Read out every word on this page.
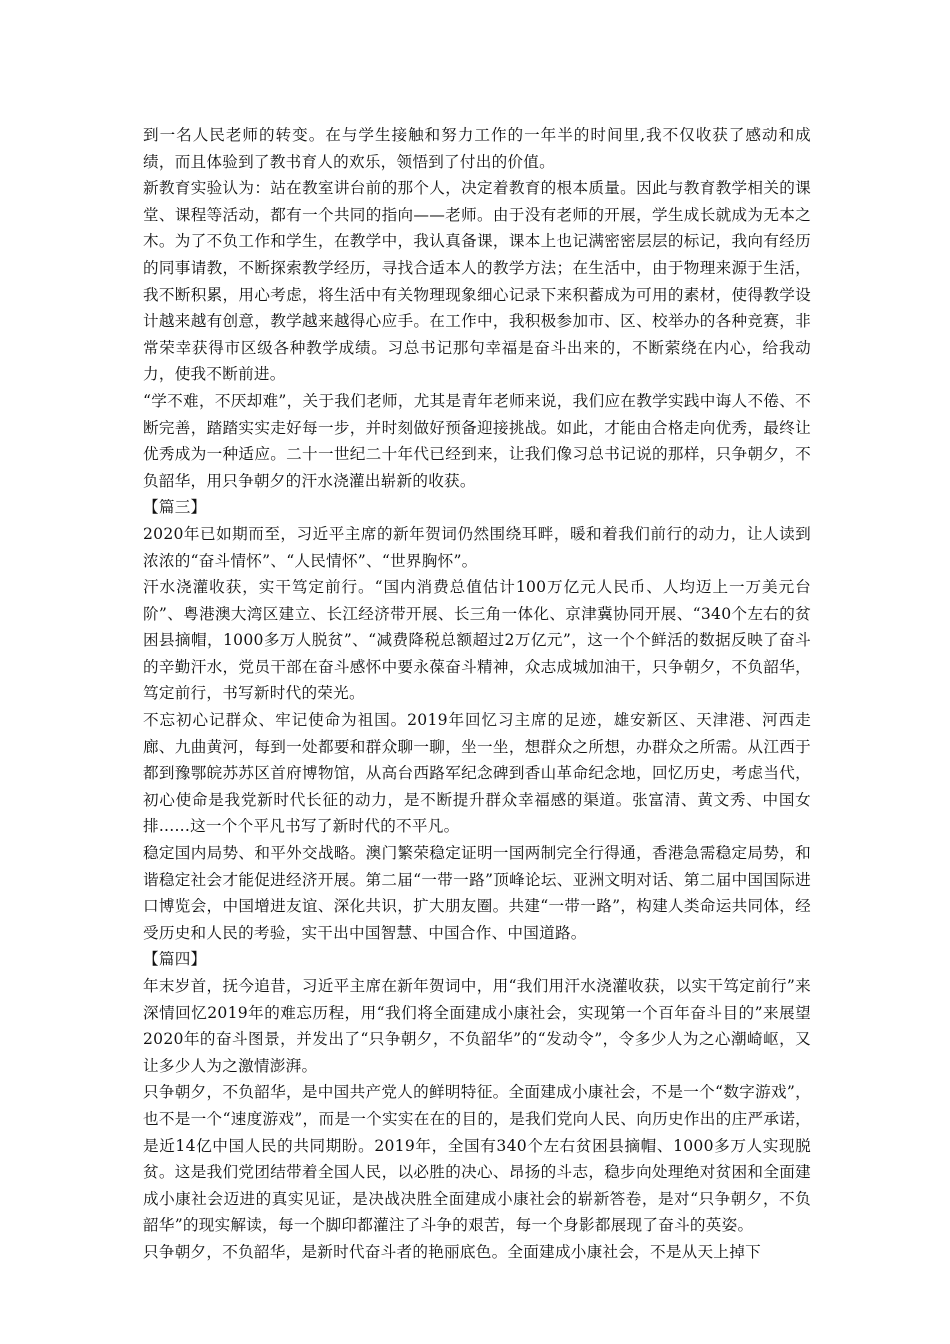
到一名人民老师的转变。在与学生接触和努力工作的一年半的时间里,我不仅收获了感动和成绩，而且体验到了教书育人的欢乐，领悟到了付出的价值。

新教育实验认为：站在教室讲台前的那个人，决定着教育的根本质量。因此与教育教学相关的课堂、课程等活动，都有一个共同的指向——老师。由于没有老师的开展，学生成长就成为无本之木。为了不负工作和学生，在教学中，我认真备课，课本上也记满密密层层的标记，我向有经历的同事请教，不断探索教学经历，寻找合适本人的教学方法；在生活中，由于物理来源于生活，我不断积累，用心考虑，将生活中有关物理现象细心记录下来积蓄成为可用的素材，使得教学设计越来越有创意，教学越来越得心应手。在工作中，我积极参加市、区、校举办的各种竞赛，非常荣幸获得市区级各种教学成绩。习总书记那句幸福是奋斗出来的，不断萦绕在内心，给我动力，使我不断前进。

“学不难，不厌却难”，关于我们老师，尤其是青年老师来说，我们应在教学实践中诲人不倦、不断完善，踏踏实实走好每一步，并时刻做好预备迎接挑战。如此，才能由合格走向优秀，最终让优秀成为一种适应。二十一世纪二十年代已经到来，让我们像习总书记说的那样，只争朝夕，不负韶华，用只争朝夕的汗水浇灌出崭新的收获。

【篇三】

2020年已如期而至，习近平主席的新年贺词仍然围绕耳畔，暖和着我们前行的动力，让人读到浓浓的“奋斗情怀”、“人民情怀”、“世界胸怀”。

汗水浇灌收获，实干笃定前行。“国内消费总值估计100万亿元人民币、人均迈上一万美元台阶”、粤港澳大湾区建立、长江经济带开展、长三角一体化、京津冀协同开展、“340个左右的贫困县摘帽，1000多万人脱贫”、“减费降税总额超过2万亿元”，这一个个鲜活的数据反映了奋斗的辛勤汗水，党员干部在奋斗感怀中要永葆奋斗精神，众志成城加油干，只争朝夕，不负韶华，笃定前行，书写新时代的荣光。

不忘初心记群众、牢记使命为祖国。2019年回忆习主席的足迹，雄安新区、天津港、河西走廊、九曲黄河，每到一处都要和群众聊一聊，坐一坐，想群众之所想，办群众之所需。从江西于都到豫鄂皖苏苏区首府博物馆，从高台西路军纪念碑到香山革命纪念地，回忆历史，考虑当代，初心使命是我党新时代长征的动力，是不断提升群众幸福感的渠道。张富清、黄文秀、中国女排......这一个个平凡书写了新时代的不平凡。

稳定国内局势、和平外交战略。澳门繁荣稳定证明一国两制完全行得通，香港急需稳定局势，和谐稳定社会才能促进经济开展。第二届“一带一路”顶峰论坛、亚洲文明对话、第二届中国国际进口博览会，中国增进友谊、深化共识，扩大朋友圈。共建“一带一路”，构建人类命运共同体，经受历史和人民的考验，实干出中国智慧、中国合作、中国道路。

【篇四】

年末岁首，抚今追昔，习近平主席在新年贺词中，用“我们用汗水浇灌收获，以实干笃定前行”来深情回忆2019年的难忘历程，用“我们将全面建成小康社会，实现第一个百年奋斗目的”来展望2020年的奋斗图景，并发出了“只争朝夕，不负韶华”的“发动令”，令多少人为之心潮崎岖，又让多少人为之激情澎湃。

只争朝夕，不负韶华，是中国共产党人的鲜明特征。全面建成小康社会，不是一个“数字游戏”，也不是一个“速度游戏”，而是一个实实在在的目的，是我们党向人民、向历史作出的庄严承诺，是近14亿中国人民的共同期盼。2019年，全国有340个左右贫困县摘帽、1000多万人实现脱贫。这是我们党团结带着全国人民，以必胜的决心、昂扬的斗志，稳步向处理绝对贫困和全面建成小康社会迈进的真实见证，是决战决胜全面建成小康社会的崭新答卷，是对“只争朝夕，不负韶华”的现实解读，每一个脚印都灌注了斗争的艰苦，每一个身影都展现了奋斗的英姿。

只争朝夕，不负韶华，是新时代奋斗者的艳丽底色。全面建成小康社会，不是从天上掉下
